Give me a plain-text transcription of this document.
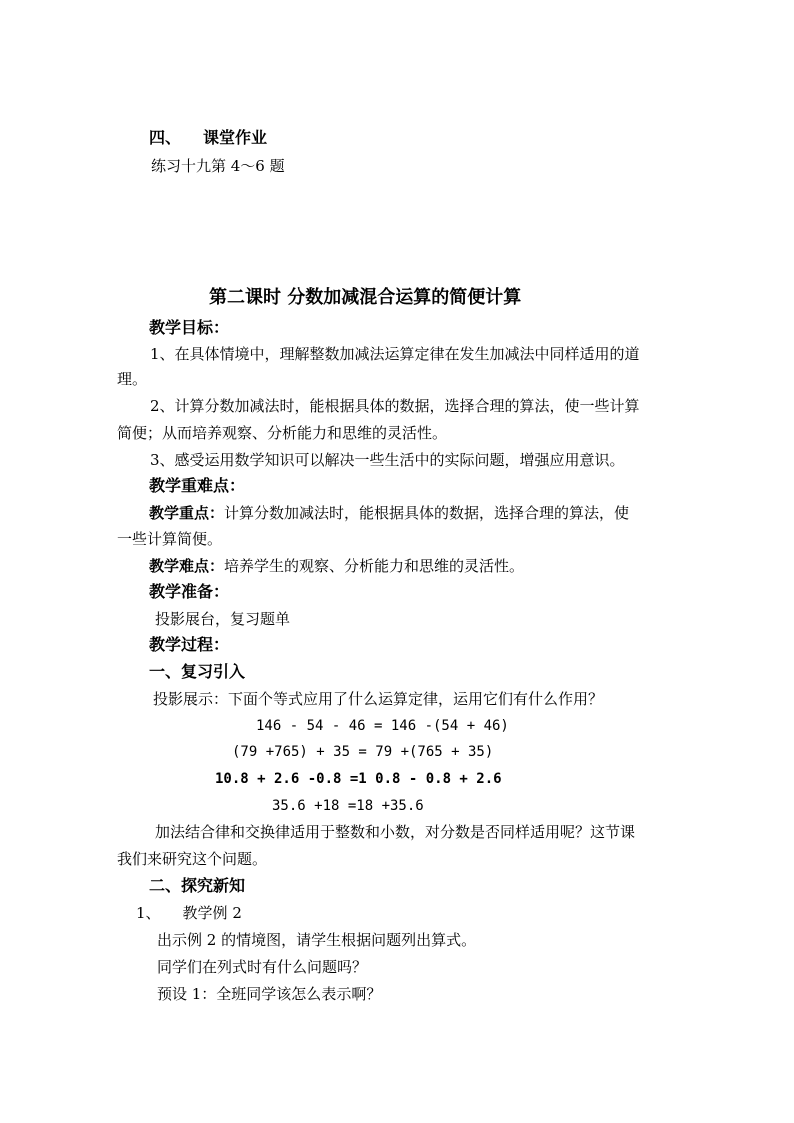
四、 课堂作业
练习十九第 4～6 题
第二课时 分数加减混合运算的简便计算
教学目标：
1、在具体情境中，理解整数加减法运算定律在发生加减法中同样适用的道
理。
2、计算分数加减法时，能根据具体的数据，选择合理的算法，使一些计算
简便；从而培养观察、分析能力和思维的灵活性。
3、感受运用数学知识可以解决一些生活中的实际问题，增强应用意识。
教学重难点：
教学重点：计算分数加减法时，能根据具体的数据，选择合理的算法，使
一些计算简便。
教学难点：培养学生的观察、分析能力和思维的灵活性。
教学准备：
投影展台，复习题单
教学过程：
一、复习引入
投影展示：下面个等式应用了什么运算定律，运用它们有什么作用？
146 - 54 - 46 = 146 -(54 + 46)
(79 +765) + 35 = 79 +(765 + 35)
10.8 + 2.6 -0.8 =1 0.8 - 0.8 + 2.6
35.6 +18 =18 +35.6
加法结合律和交换律适用于整数和小数，对分数是否同样适用呢？这节课
我们来研究这个问题。
二、探究新知
1、 教学例 2
出示例 2 的情境图，请学生根据问题列出算式。
同学们在列式时有什么问题吗？
预设 1：全班同学该怎么表示啊？
